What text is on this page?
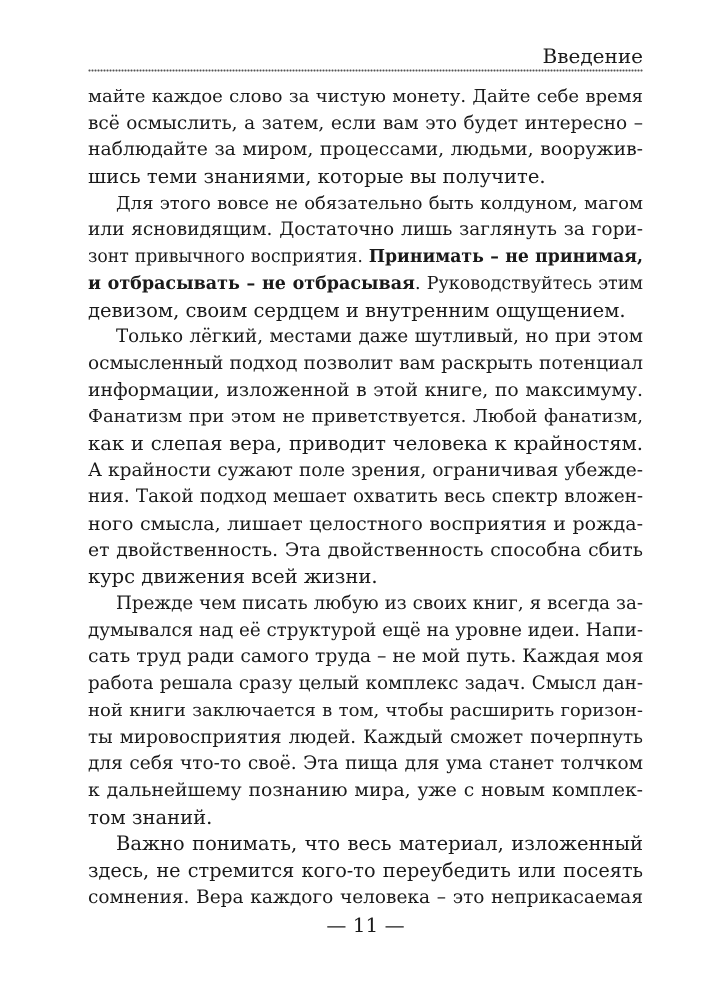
Введение
майте каждое слово за чистую монету. Дайте себе время
всё осмыслить, а затем, если вам это будет интересно –
наблюдайте за миром, процессами, людьми, вооружив-
шись теми знаниями, которые вы получите.
Для этого вовсе не обязательно быть колдуном, магом
или ясновидящим. Достаточно лишь заглянуть за гори-
зонт привычного восприятия. Принимать – не принимая,
и отбрасывать – не отбрасывая. Руководствуйтесь этим
девизом, своим сердцем и внутренним ощущением.
Только лёгкий, местами даже шутливый, но при этом
осмысленный подход позволит вам раскрыть потенциал
информации, изложенной в этой книге, по максимуму.
Фанатизм при этом не приветствуется. Любой фанатизм,
как и слепая вера, приводит человека к крайностям.
А крайности сужают поле зрения, ограничивая убежде-
ния. Такой подход мешает охватить весь спектр вложен-
ного смысла, лишает целостного восприятия и рожда-
ет двойственность. Эта двойственность способна сбить
курс движения всей жизни.
Прежде чем писать любую из своих книг, я всегда за-
думывался над её структурой ещё на уровне идеи. Напи-
сать труд ради самого труда – не мой путь. Каждая моя
работа решала сразу целый комплекс задач. Смысл дан-
ной книги заключается в том, чтобы расширить горизон-
ты мировосприятия людей. Каждый сможет почерпнуть
для себя что-то своё. Эта пища для ума станет толчком
к дальнейшему познанию мира, уже с новым комплек-
том знаний.
Важно понимать, что весь материал, изложенный
здесь, не стремится кого-то переубедить или посеять
сомнения. Вера каждого человека – это неприкасаемая
— 11 —
